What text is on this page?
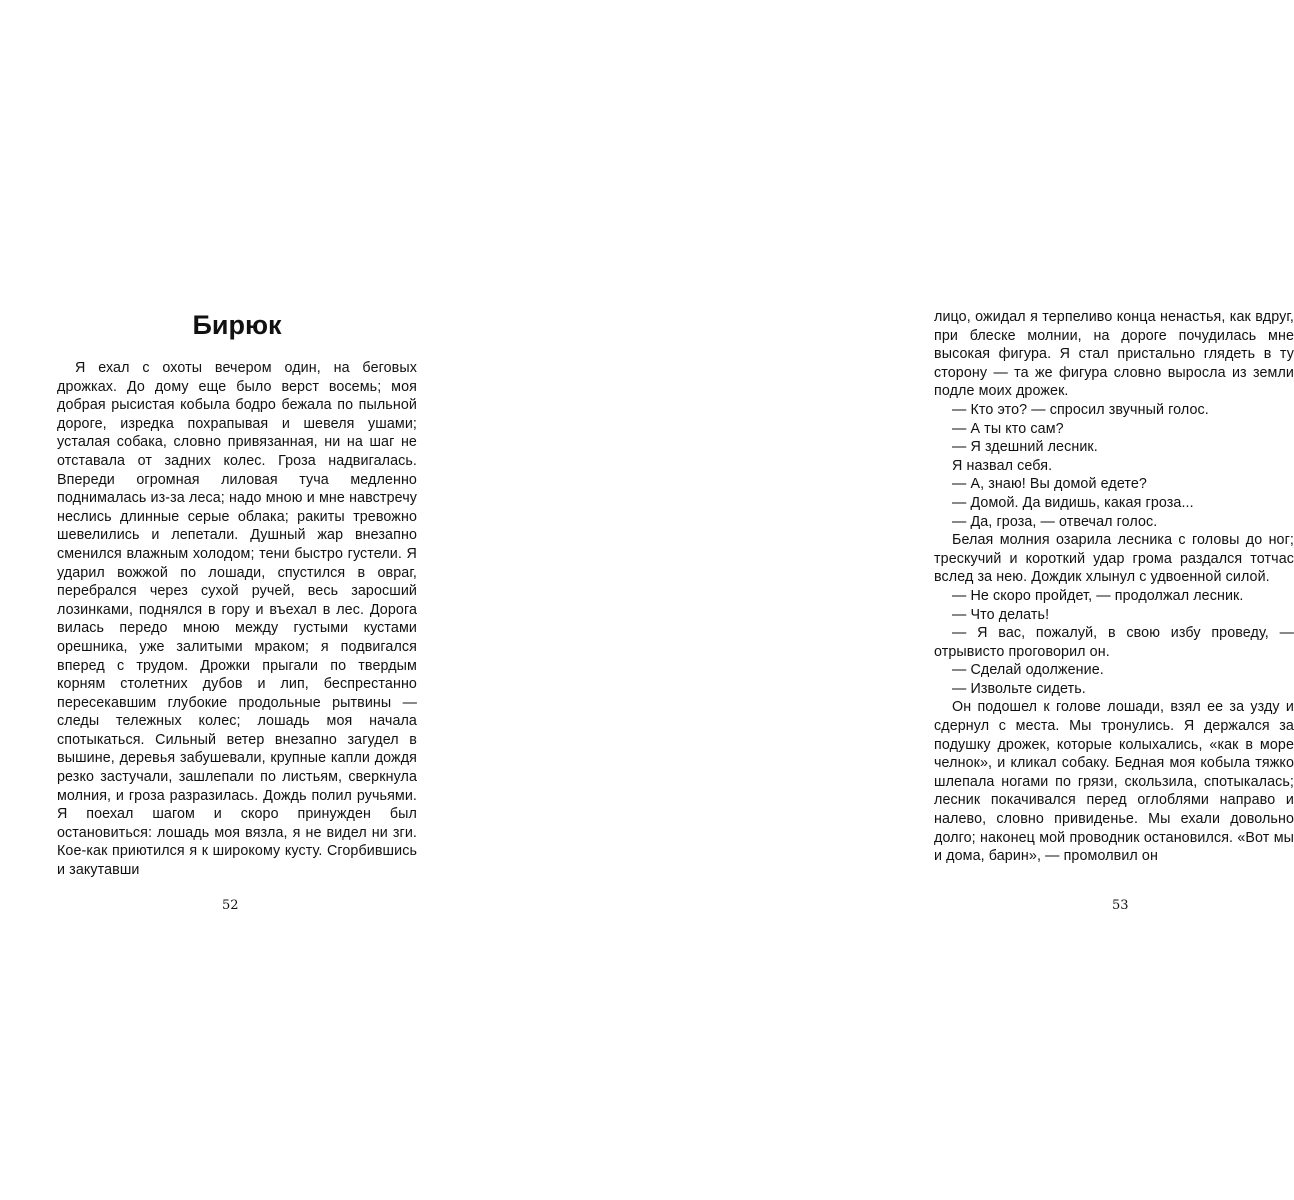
Бирюк

Я ехал с охоты вечером один, на беговых дрожках. До дому еще было верст восемь; моя добрая рысистая кобыла бодро бежала по пыльной дороге, изредка похрапывая и шевеля ушами; усталая собака, словно привязанная, ни на шаг не отставала от задних колес. Гроза надвигалась. Впереди огромная лиловая туча медленно поднималась из-за леса; надо мною и мне навстречу неслись длинные серые облака; ракиты тревожно шевелились и лепетали. Душный жар внезапно сменился влажным холодом; тени быстро густели. Я ударил вожжой по лошади, спустился в овраг, перебрался через сухой ручей, весь заросший лозинками, поднялся в гору и въехал в лес. Дорога вилась передо мною между густыми кустами орешника, уже залитыми мраком; я подвигался вперед с трудом. Дрожки прыгали по твердым корням столетних дубов и лип, беспрестанно пересекавшим глубокие продольные рытвины — следы тележных колес; лошадь моя начала спотыкаться. Сильный ветер внезапно загудел в вышине, деревья забушевали, крупные капли дождя резко застучали, зашлепали по листьям, сверкнула молния, и гроза разразилась. Дождь полил ручьями. Я поехал шагом и скоро принужден был остановиться: лошадь моя вязла, я не видел ни зги. Кое-как приютился я к широкому кусту. Сгорбившись и закутавши

52

лицо, ожидал я терпеливо конца ненастья, как вдруг, при блеске молнии, на дороге почудилась мне высокая фигура. Я стал пристально глядеть в ту сторону — та же фигура словно выросла из земли подле моих дрожек.

— Кто это? — спросил звучный голос.

— А ты кто сам?

— Я здешний лесник.

Я назвал себя.

— А, знаю! Вы домой едете?

— Домой. Да видишь, какая гроза...

— Да, гроза, — отвечал голос.

Белая молния озарила лесника с головы до ног; трескучий и короткий удар грома раздался тотчас вслед за нею. Дождик хлынул с удвоенной силой.

— Не скоро пройдет, — продолжал лесник.

— Что делать!

— Я вас, пожалуй, в свою избу проведу, — отрывисто проговорил он.

— Сделай одолжение.

— Извольте сидеть.

Он подошел к голове лошади, взял ее за узду и сдернул с места. Мы тронулись. Я держался за подушку дрожек, которые колыхались, «как в море челнок», и кликал собаку. Бедная моя кобыла тяжко шлепала ногами по грязи, скользила, спотыкалась; лесник покачивался перед оглоблями направо и налево, словно привиденье. Мы ехали довольно долго; наконец мой проводник остановился. «Вот мы и дома, барин», — промолвил он

53
